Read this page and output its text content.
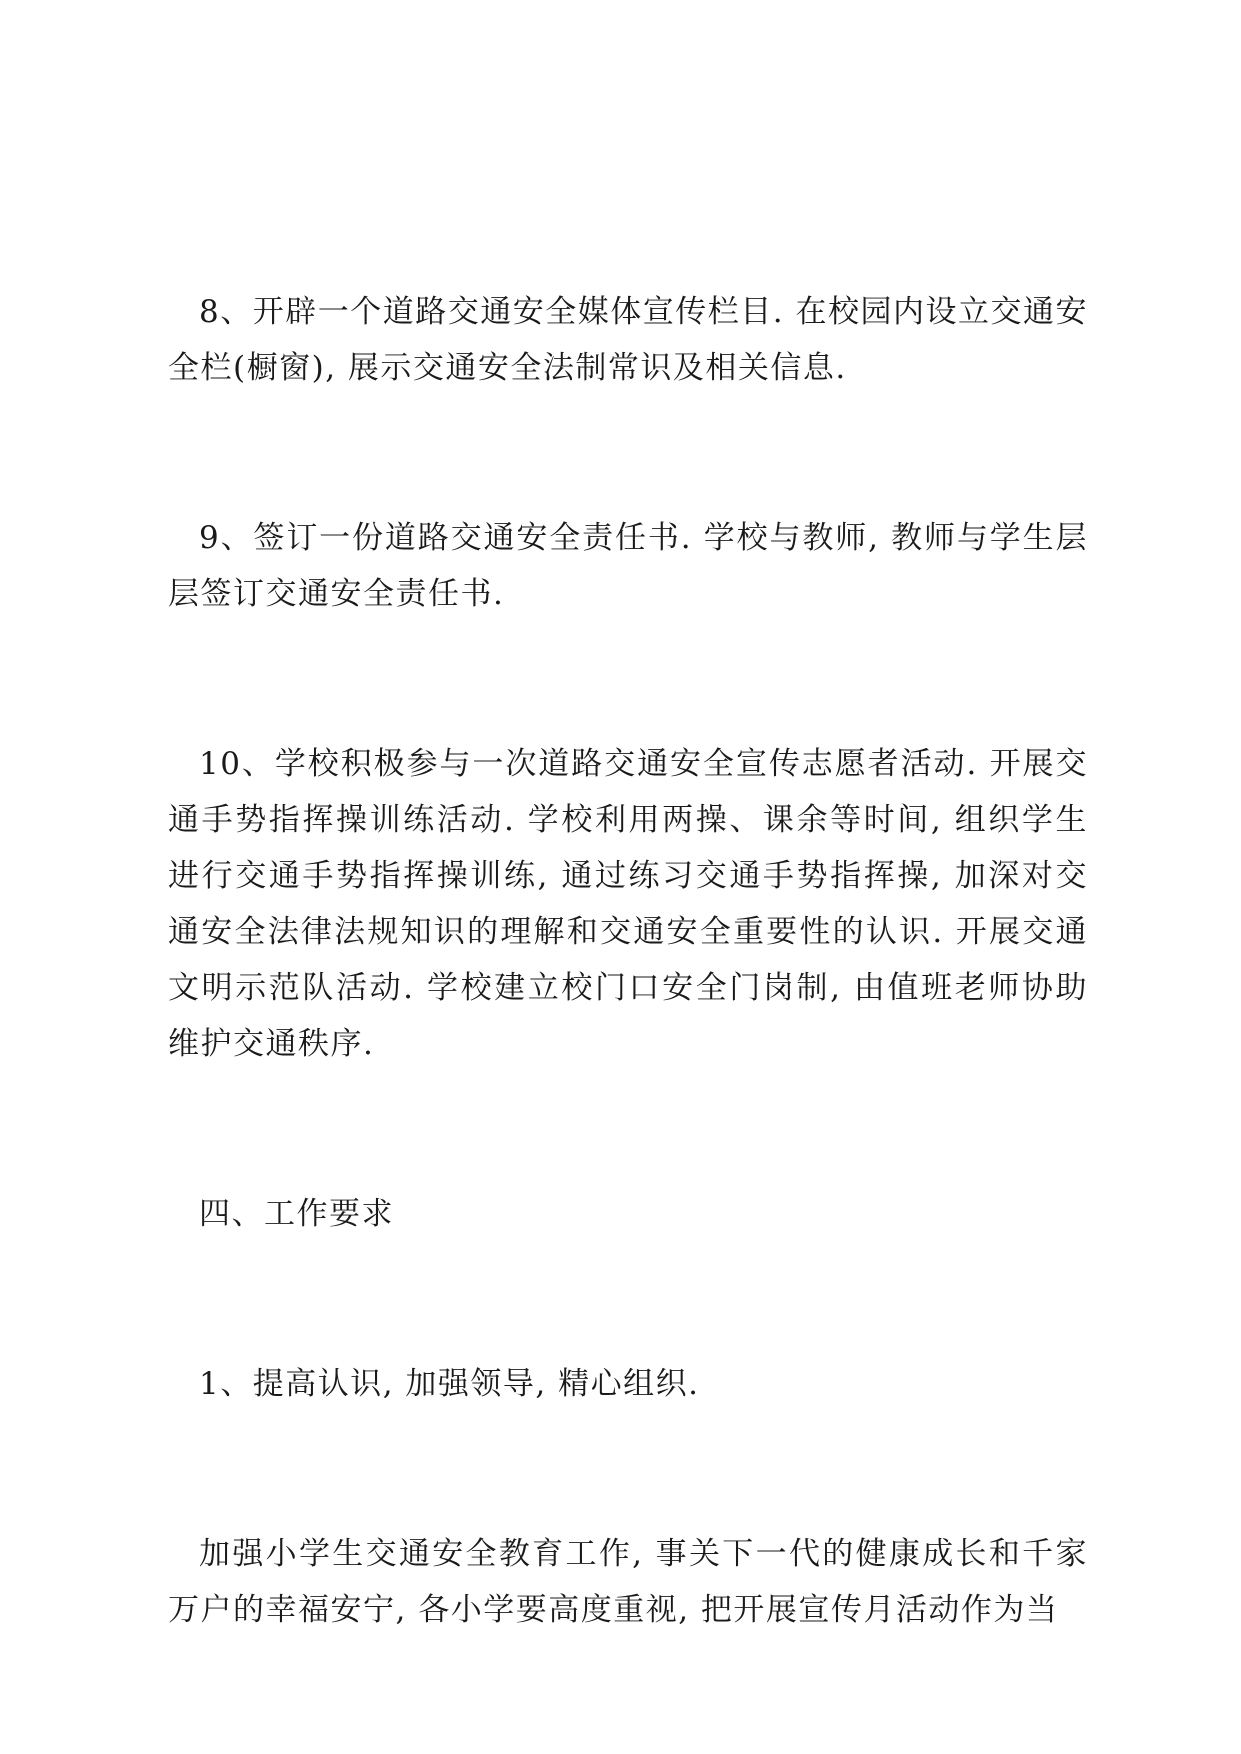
8、开辟一个道路交通安全媒体宣传栏目. 在校园内设立交通安全栏(橱窗), 展示交通安全法制常识及相关信息.

9、签订一份道路交通安全责任书. 学校与教师, 教师与学生层层签订交通安全责任书.

10、学校积极参与一次道路交通安全宣传志愿者活动. 开展交通手势指挥操训练活动. 学校利用两操、课余等时间, 组织学生进行交通手势指挥操训练, 通过练习交通手势指挥操, 加深对交通安全法律法规知识的理解和交通安全重要性的认识. 开展交通文明示范队活动. 学校建立校门口安全门岗制, 由值班老师协助维护交通秩序.

四、工作要求

1、提高认识, 加强领导, 精心组织.

加强小学生交通安全教育工作, 事关下一代的健康成长和千家万户的幸福安宁, 各小学要高度重视, 把开展宣传月活动作为当
